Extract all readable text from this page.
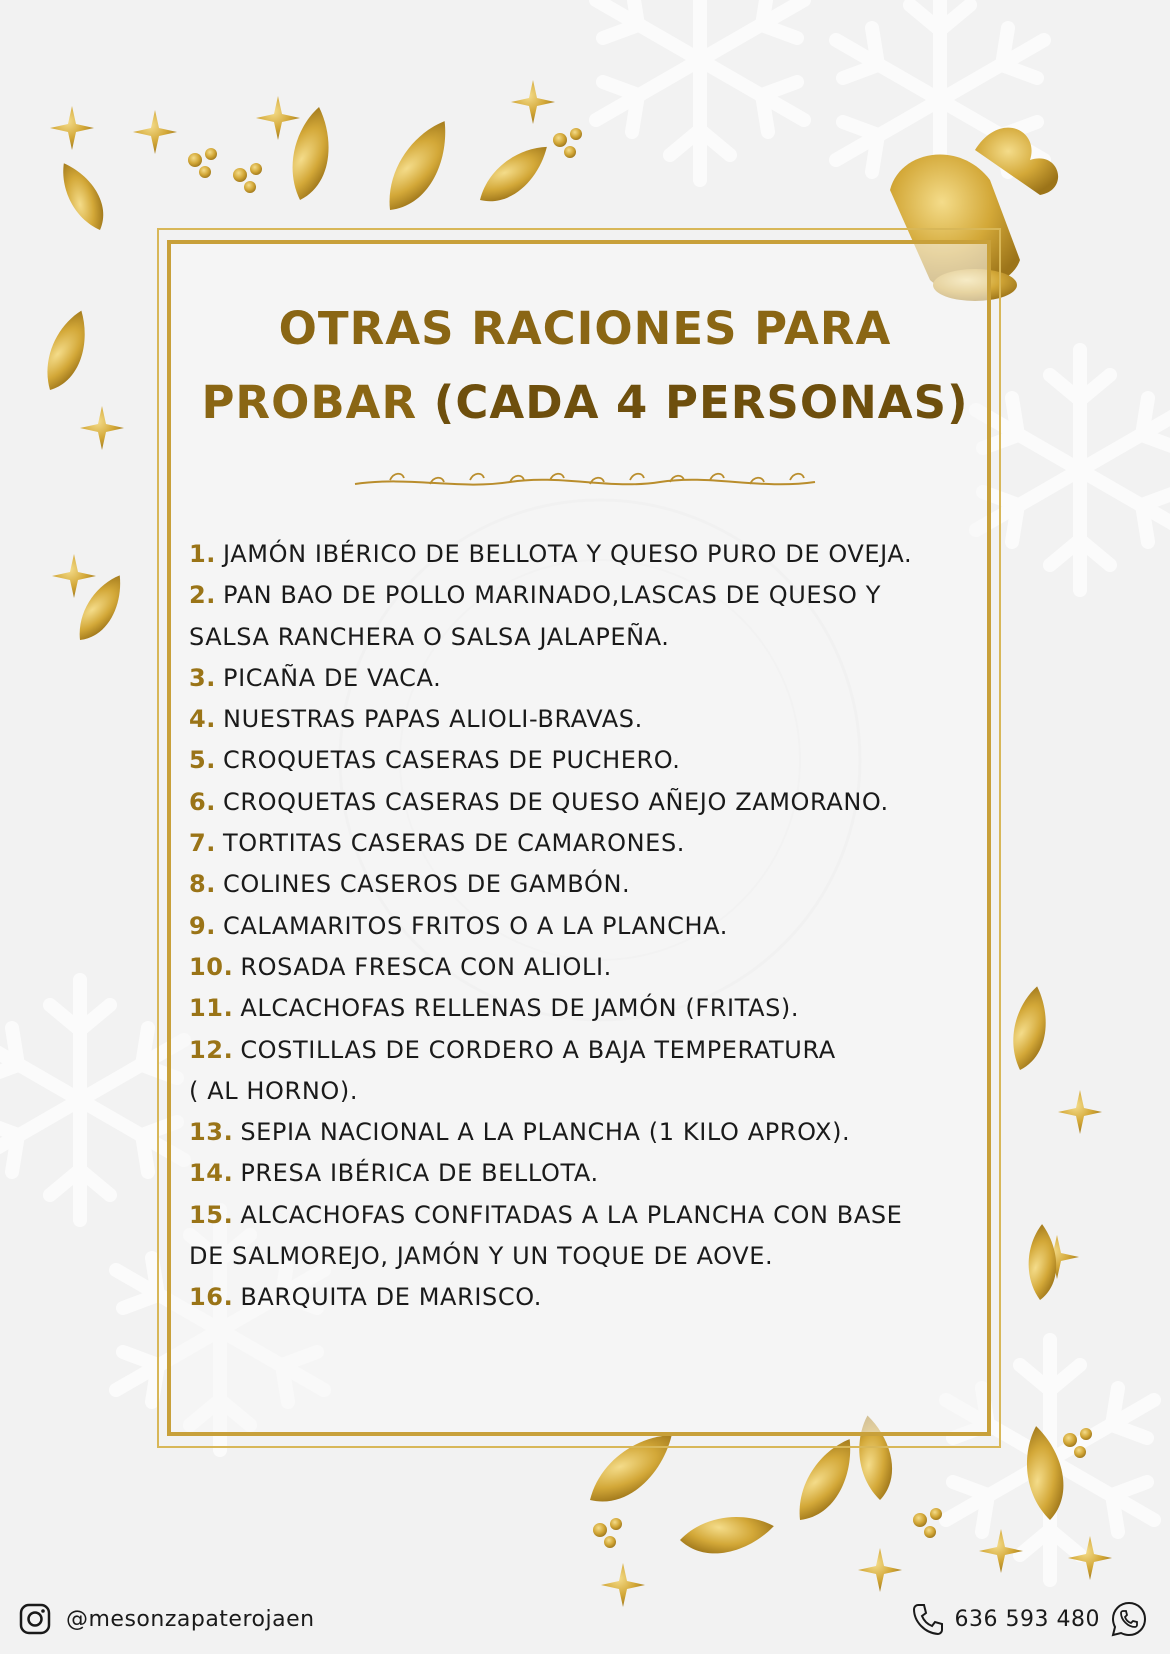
OTRAS RACIONES PARA
PROBAR (CADA 4 PERSONAS)
1. JAMÓN IBÉRICO DE BELLOTA Y QUESO PURO DE OVEJA.
2. PAN BAO DE POLLO MARINADO,LASCAS DE QUESO Y
SALSA RANCHERA O SALSA JALAPEÑA.
3. PICAÑA DE VACA.
4. NUESTRAS PAPAS ALIOLI-BRAVAS.
5. CROQUETAS CASERAS DE PUCHERO.
6. CROQUETAS CASERAS DE QUESO AÑEJO ZAMORANO.
7. TORTITAS CASERAS DE CAMARONES.
8. COLINES CASEROS DE GAMBÓN.
9. CALAMARITOS FRITOS O A LA PLANCHA.
10. ROSADA FRESCA CON ALIOLI.
11. ALCACHOFAS RELLENAS DE JAMÓN (FRITAS).
12. COSTILLAS DE CORDERO A BAJA TEMPERATURA
( AL HORNO).
13. SEPIA NACIONAL A LA PLANCHA (1 KILO APROX).
14. PRESA IBÉRICA DE BELLOTA.
15. ALCACHOFAS CONFITADAS A LA PLANCHA CON BASE
DE SALMOREJO, JAMÓN Y UN TOQUE DE AOVE.
16. BARQUITA DE MARISCO.
@mesonzapaterojaen	636 593 480
